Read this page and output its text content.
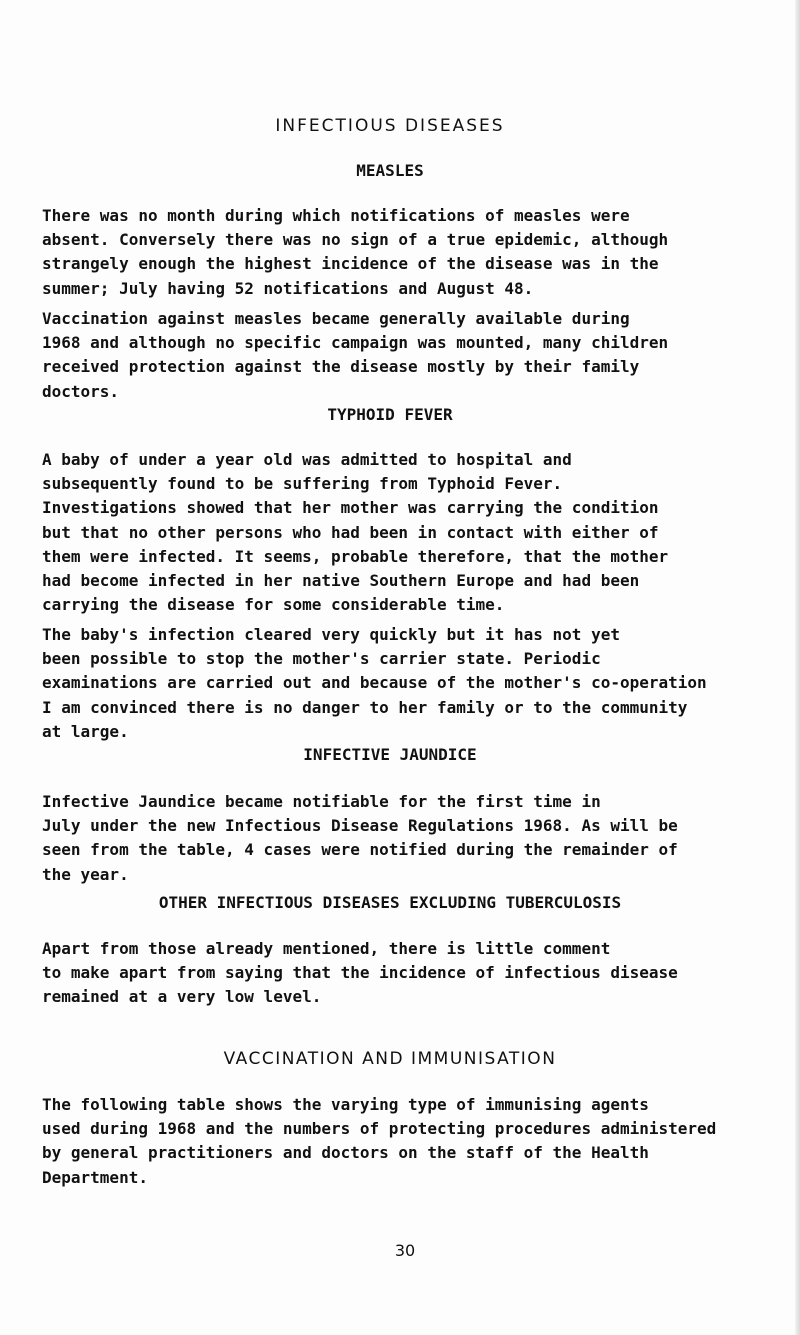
INFECTIOUS DISEASES
MEASLES

There was no month during which notifications of measles were
absent. Conversely there was no sign of a true epidemic, although
strangely enough the highest incidence of the disease was in the
summer; July having 52 notifications and August 48.

Vaccination against measles became generally available during
1968 and although no specific campaign was mounted, many children
received protection against the disease mostly by their family
doctors.

TYPHOID FEVER

A baby of under a year old was admitted to hospital and
subsequently found to be suffering from Typhoid Fever.
Investigations showed that her mother was carrying the condition
but that no other persons who had been in contact with either of
them were infected. It seems, probable therefore, that the mother
had become infected in her native Southern Europe and had been
carrying the disease for some considerable time.

The baby's infection cleared very quickly but it has not yet
been possible to stop the mother's carrier state. Periodic
examinations are carried out and because of the mother's co-operation
I am convinced there is no danger to her family or to the community
at large.

INFECTIVE JAUNDICE

Infective Jaundice became notifiable for the first time in
July under the new Infectious Disease Regulations 1968. As will be
seen from the table, 4 cases were notified during the remainder of
the year.

OTHER INFECTIOUS DISEASES EXCLUDING TUBERCULOSIS

Apart from those already mentioned, there is little comment
to make apart from saying that the incidence of infectious disease
remained at a very low level.

VACCINATION AND IMMUNISATION

The following table shows the varying type of immunising agents
used during 1968 and the numbers of protecting procedures administered
by general practitioners and doctors on the staff of the Health
Department.

30
